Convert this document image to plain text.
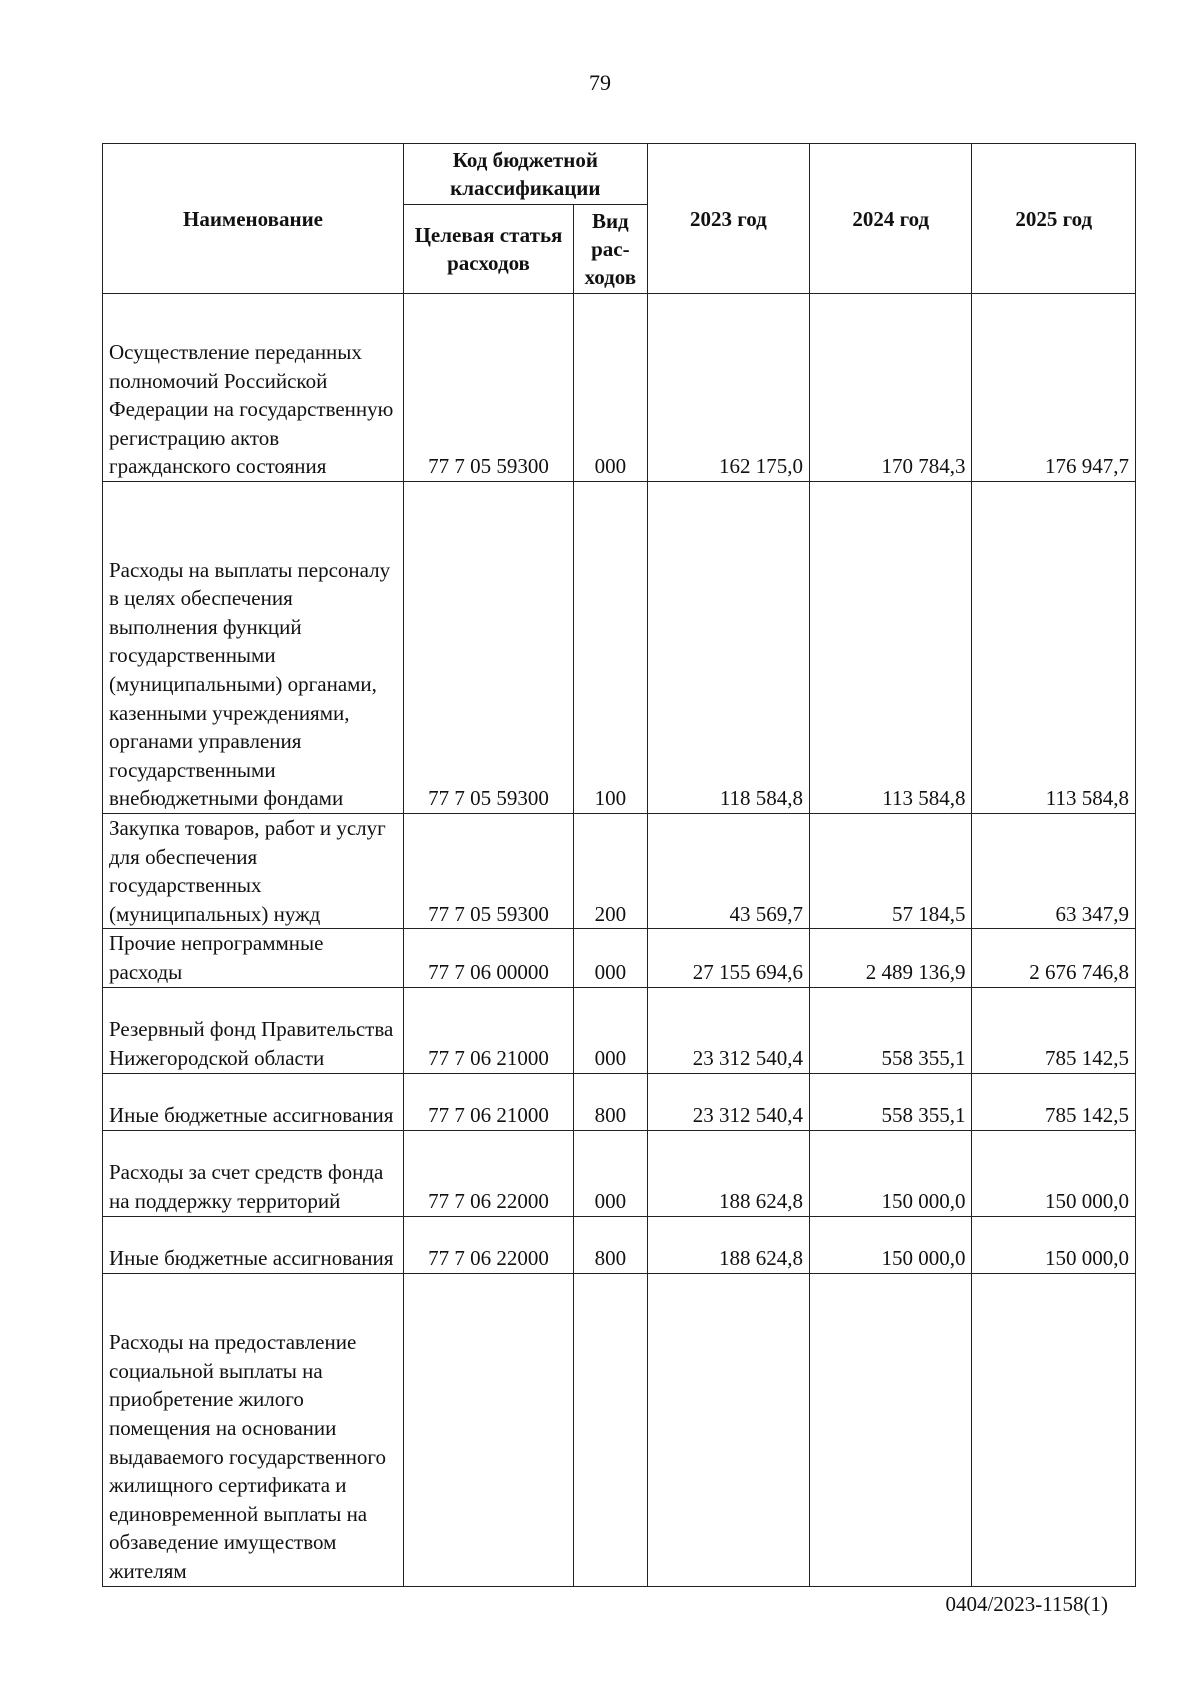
79
Наименование	Код бюджетной классификации		2023 год	2024 год	2025 год
	Целевая статья расходов	Вид рас-ходов			
Осуществление переданных полномочий Российской Федерации на государственную регистрацию актов гражданского состояния	77 7 05 59300	000	162 175,0	170 784,3	176 947,7
Расходы на выплаты персоналу в целях обеспечения выполнения функций государственными (муниципальными) органами, казенными учреждениями, органами управления государственными внебюджетными фондами	77 7 05 59300	100	118 584,8	113 584,8	113 584,8
Закупка товаров, работ и услуг для обеспечения государственных (муниципальных) нужд	77 7 05 59300	200	43 569,7	57 184,5	63 347,9
Прочие непрограммные расходы	77 7 06 00000	000	27 155 694,6	2 489 136,9	2 676 746,8
Резервный фонд Правительства Нижегородской области	77 7 06 21000	000	23 312 540,4	558 355,1	785 142,5
Иные бюджетные ассигнования	77 7 06 21000	800	23 312 540,4	558 355,1	785 142,5
Расходы за счет средств фонда на поддержку территорий	77 7 06 22000	000	188 624,8	150 000,0	150 000,0
Иные бюджетные ассигнования	77 7 06 22000	800	188 624,8	150 000,0	150 000,0
Расходы на предоставление социальной выплаты на приобретение жилого помещения на основании выдаваемого государственного жилищного сертификата и единовременной выплаты на обзаведение имуществом жителям					
0404/2023-1158(1)
